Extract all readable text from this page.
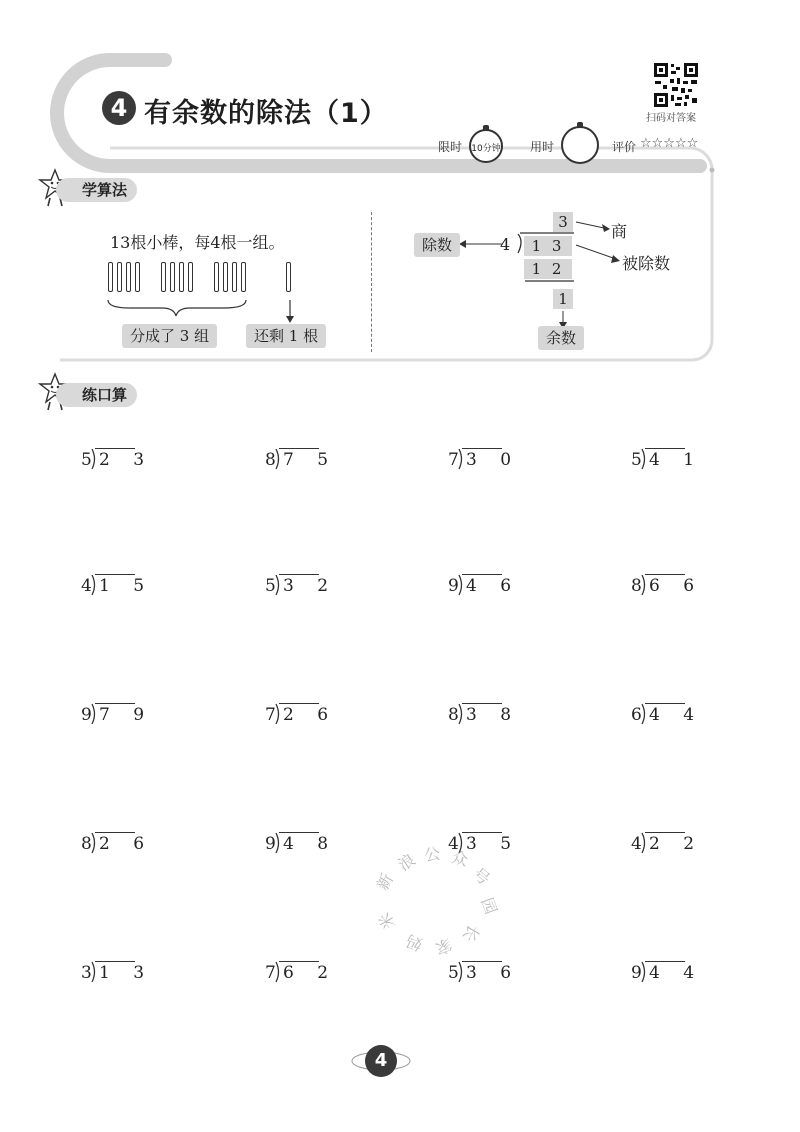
4 有余数的除法（1）	扫码对答案
限时 10分钟 用时	评价 ☆☆☆☆☆
学算法
13根小棒，每4根一组。
分成了 3 组	还剩 1 根
3
4	1 3
1 2
1
除数
商
被除数
余数
练口算
5 2 3	8 7 5	7 3 0	5 4 1
4 1 5	5 3 2	9 4 6	8 6 6
9 7 9	7 2 6	8 3 8	6 4 4
8 2 6	9 4 8	4 3 5	4 2 2
3 1 3	7 6 2	5 3 6	9 4 4
新
浪 公 众
号
园
长
家
妈
米
4
